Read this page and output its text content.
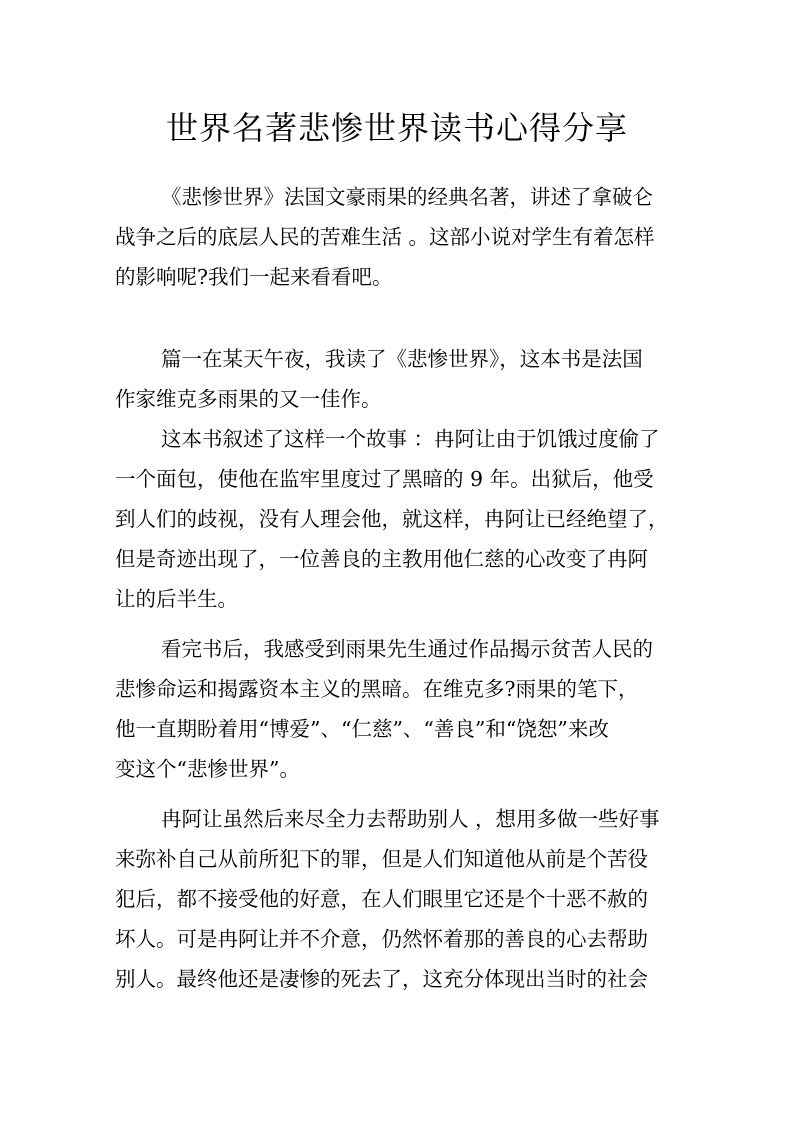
世界名著悲惨世界读书心得分享
《悲惨世界》法国文豪雨果的经典名著，讲述了拿破仑
战争之后的底层人民的苦难生活 。这部小说对学生有着怎样
的影响呢?我们一起来看看吧。
篇一在某天午夜，我读了《悲惨世界》，这本书是法国
作家维克多雨果的又一佳作。
这本书叙述了这样一个故事 ：冉阿让由于饥饿过度偷了
一个面包，使他在监牢里度过了黑暗的 9 年。出狱后，他受
到人们的歧视，没有人理会他，就这样，冉阿让已经绝望了，
但是奇迹出现了，一位善良的主教用他仁慈的心改变了冉阿
让的后半生。
看完书后，我感受到雨果先生通过作品揭示贫苦人民的
悲惨命运和揭露资本主义的黑暗。在维克多?雨果的笔下，
他一直期盼着用“博爱”、“仁慈”、“善良”和“饶恕”来改
变这个“悲惨世界”。
冉阿让虽然后来尽全力去帮助别人 ，想用多做一些好事
来弥补自己从前所犯下的罪，但是人们知道他从前是个苦役
犯后，都不接受他的好意，在人们眼里它还是个十恶不赦的
坏人。可是冉阿让并不介意，仍然怀着那的善良的心去帮助
别人。最终他还是凄惨的死去了，这充分体现出当时的社会
